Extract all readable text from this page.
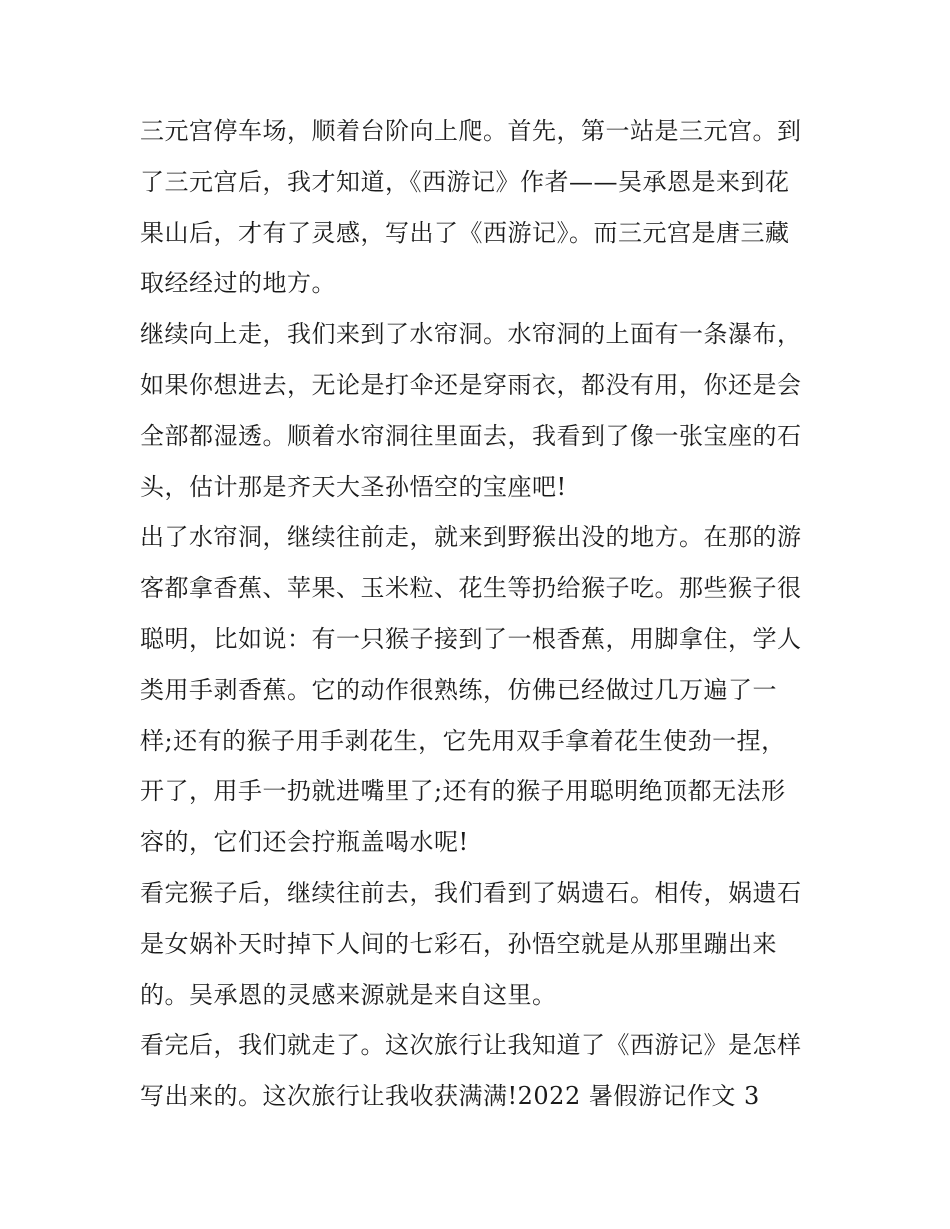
三元宫停车场，顺着台阶向上爬。首先，第一站是三元宫。到
了三元宫后，我才知道，《西游记》作者——吴承恩是来到花
果山后，才有了灵感，写出了《西游记》。而三元宫是唐三藏
取经经过的地方。
继续向上走，我们来到了水帘洞。水帘洞的上面有一条瀑布，
如果你想进去，无论是打伞还是穿雨衣，都没有用，你还是会
全部都湿透。顺着水帘洞往里面去，我看到了像一张宝座的石
头，估计那是齐天大圣孙悟空的宝座吧!
出了水帘洞，继续往前走，就来到野猴出没的地方。在那的游
客都拿香蕉、苹果、玉米粒、花生等扔给猴子吃。那些猴子很
聪明，比如说：有一只猴子接到了一根香蕉，用脚拿住，学人
类用手剥香蕉。它的动作很熟练，仿佛已经做过几万遍了一
样;还有的猴子用手剥花生，它先用双手拿着花生使劲一捏，
开了，用手一扔就进嘴里了;还有的猴子用聪明绝顶都无法形
容的，它们还会拧瓶盖喝水呢!
看完猴子后，继续往前去，我们看到了娲遗石。相传，娲遗石
是女娲补天时掉下人间的七彩石，孙悟空就是从那里蹦出来
的。吴承恩的灵感来源就是来自这里。
看完后，我们就走了。这次旅行让我知道了《西游记》是怎样
写出来的。这次旅行让我收获满满!2022 暑假游记作文 3
